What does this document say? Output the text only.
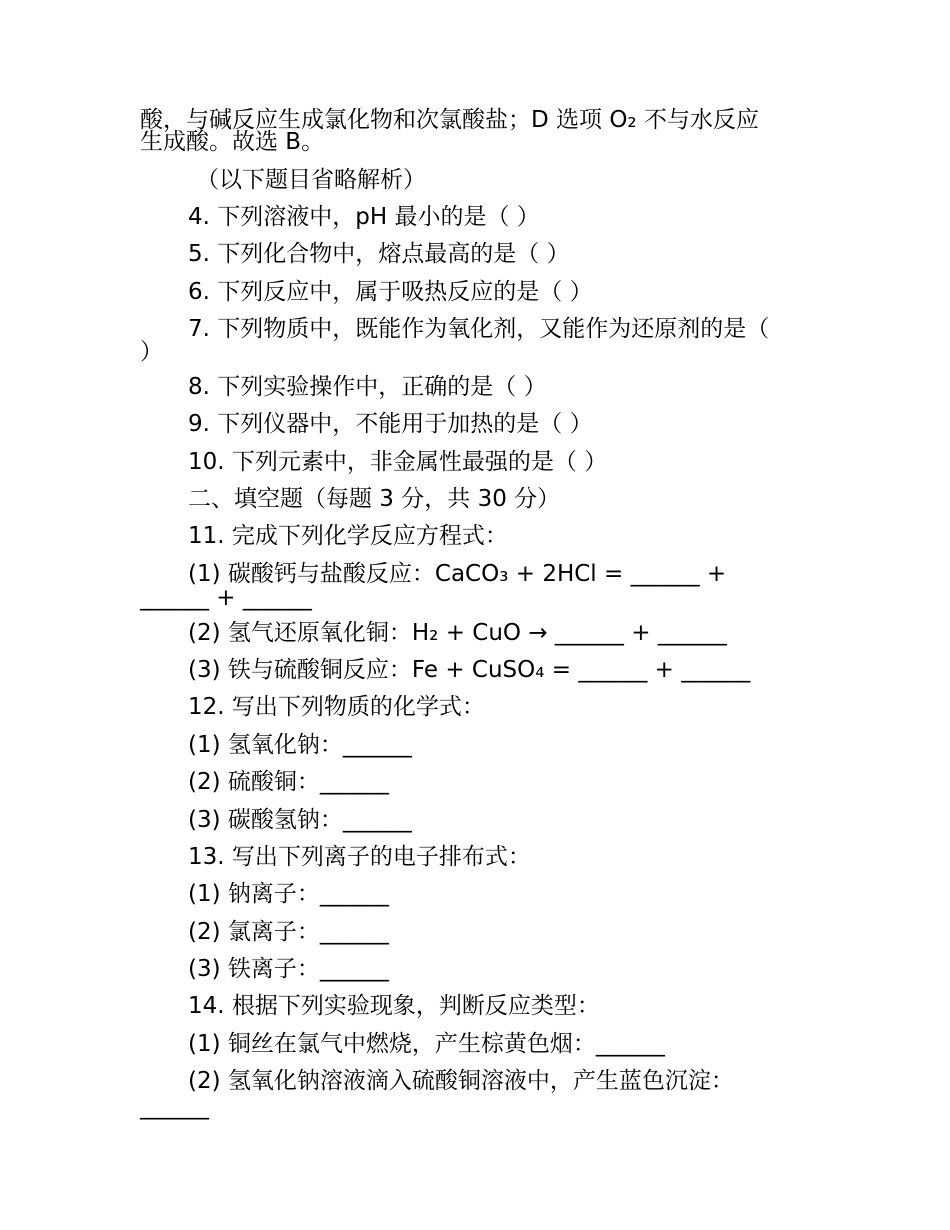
酸，与碱反应生成氯化物和次氯酸盐；D 选项 O₂ 不与水反应
生成酸。故选 B。
（以下题目省略解析）
4. 下列溶液中，pH 最小的是（ ）
5. 下列化合物中，熔点最高的是（ ）
6. 下列反应中，属于吸热反应的是（ ）
7. 下列物质中，既能作为氧化剂，又能作为还原剂的是（
）
8. 下列实验操作中，正确的是（ ）
9. 下列仪器中，不能用于加热的是（ ）
10. 下列元素中，非金属性最强的是（ ）
二、填空题（每题 3 分，共 30 分）
11. 完成下列化学反应方程式：
(1) 碳酸钙与盐酸反应：CaCO₃ + 2HCl = ______ +
______ + ______
(2) 氢气还原氧化铜：H₂ + CuO → ______ + ______
(3) 铁与硫酸铜反应：Fe + CuSO₄ = ______ + ______
12. 写出下列物质的化学式：
(1) 氢氧化钠：______
(2) 硫酸铜：______
(3) 碳酸氢钠：______
13. 写出下列离子的电子排布式：
(1) 钠离子：______
(2) 氯离子：______
(3) 铁离子：______
14. 根据下列实验现象，判断反应类型：
(1) 铜丝在氯气中燃烧，产生棕黄色烟：______
(2) 氢氧化钠溶液滴入硫酸铜溶液中，产生蓝色沉淀：
______
